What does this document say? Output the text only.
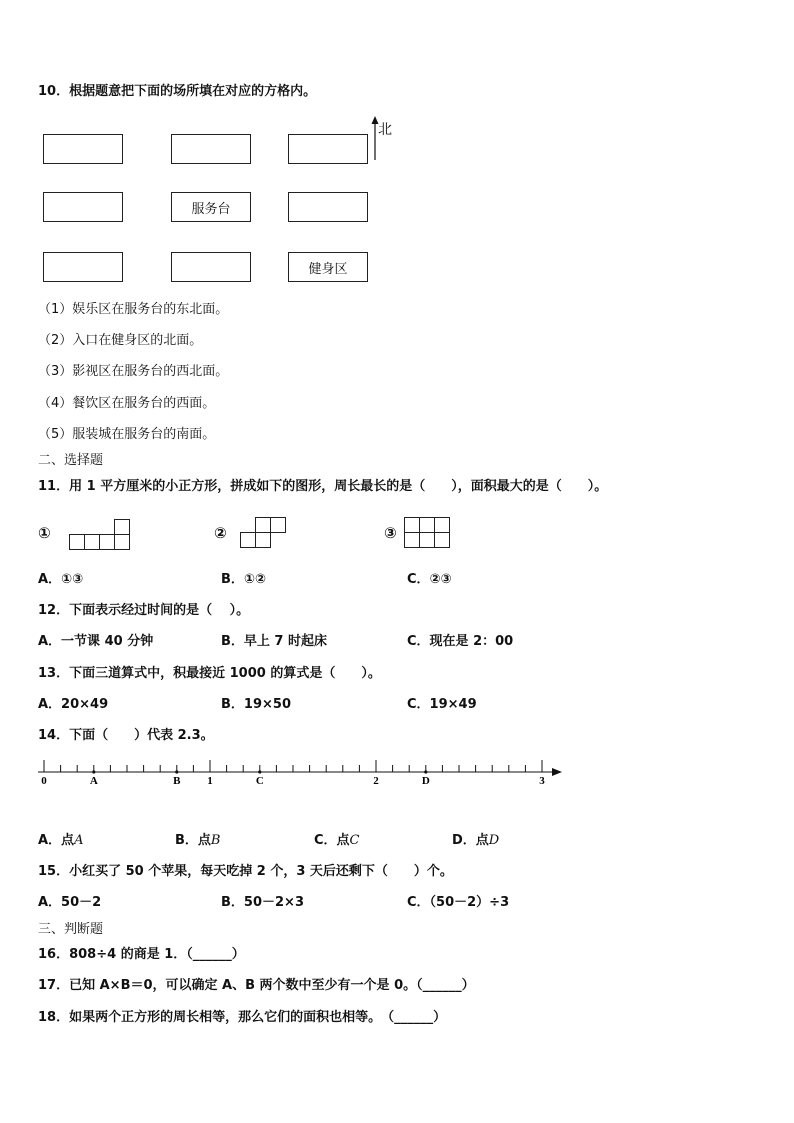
10．根据题意把下面的场所填在对应的方格内。
服务台
健身区
北
（1）娱乐区在服务台的东北面。
（2）入口在健身区的北面。
（3）影视区在服务台的西北面。
（4）餐饮区在服务台的西面。
（5）服装城在服务台的南面。
二、选择题
11．用 1 平方厘米的小正方形，拼成如下的图形，周长最长的是（　　），面积最大的是（　　）。
①	②	③
A．①③	B．①②	C．②③
12．下面表示经过时间的是（　 ）。
A．一节课 40 分钟	B．早上 7 时起床	C．现在是 2：00
13．下面三道算式中，积最接近 1000 的算式是（　　）。
A．20×49	B．19×50	C．19×49
14．下面（　　）代表 2.3。
0	1	2	3
A	B	C	D
A．点A	B．点B	C．点C	D．点D
15．小红买了 50 个苹果，每天吃掉 2 个，3 天后还剩下（　　）个。
A．50－2	B．50－2×3	C．（50－2）÷3
三、判断题
16．808÷4 的商是 1．（______）
17．已知 A×B＝0，可以确定 A、B 两个数中至少有一个是 0。（______）
18．如果两个正方形的周长相等，那么它们的面积也相等。　（______）
